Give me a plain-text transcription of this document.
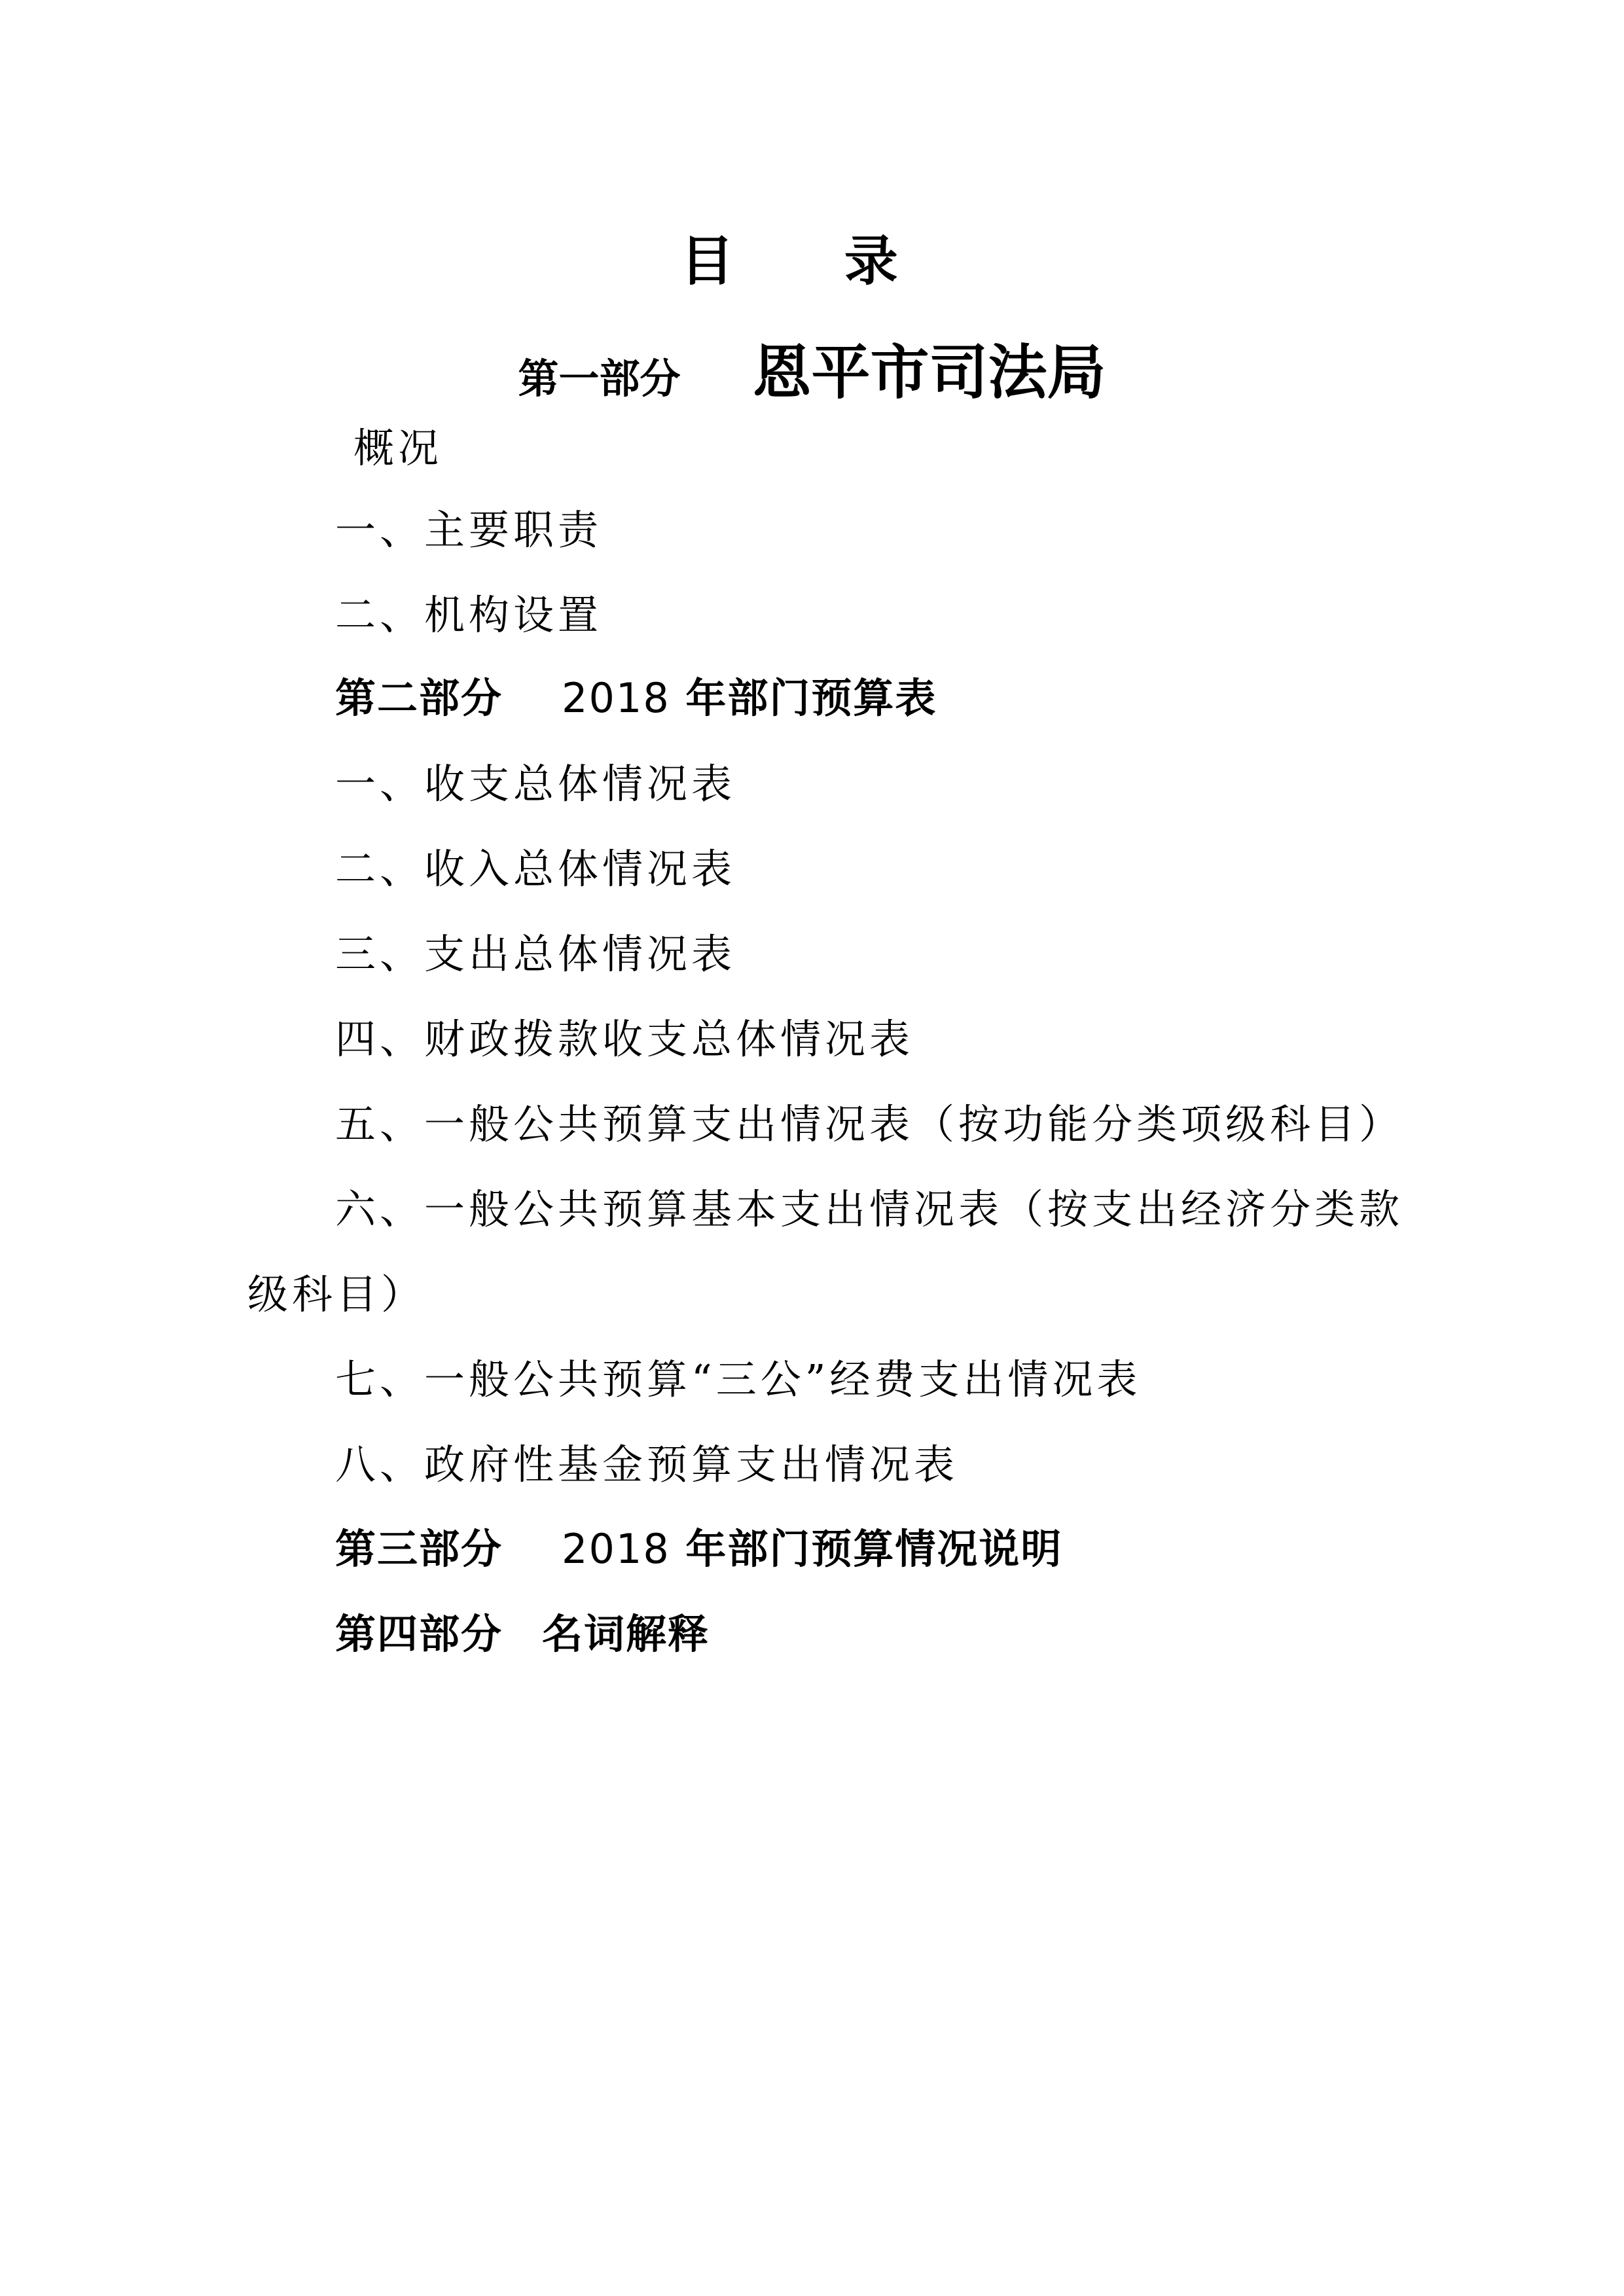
目 录
第一部分 恩平市司法局
概况
一、主要职责
二、机构设置
第二部分 2018 年部门预算表
一、收支总体情况表
二、收入总体情况表
三、支出总体情况表
四、财政拨款收支总体情况表
五、一般公共预算支出情况表（按功能分类项级科目）
六、一般公共预算基本支出情况表（按支出经济分类款
级科目）
七、一般公共预算“三公”经费支出情况表
八、政府性基金预算支出情况表
第三部分 2018 年部门预算情况说明
第四部分 名词解释
